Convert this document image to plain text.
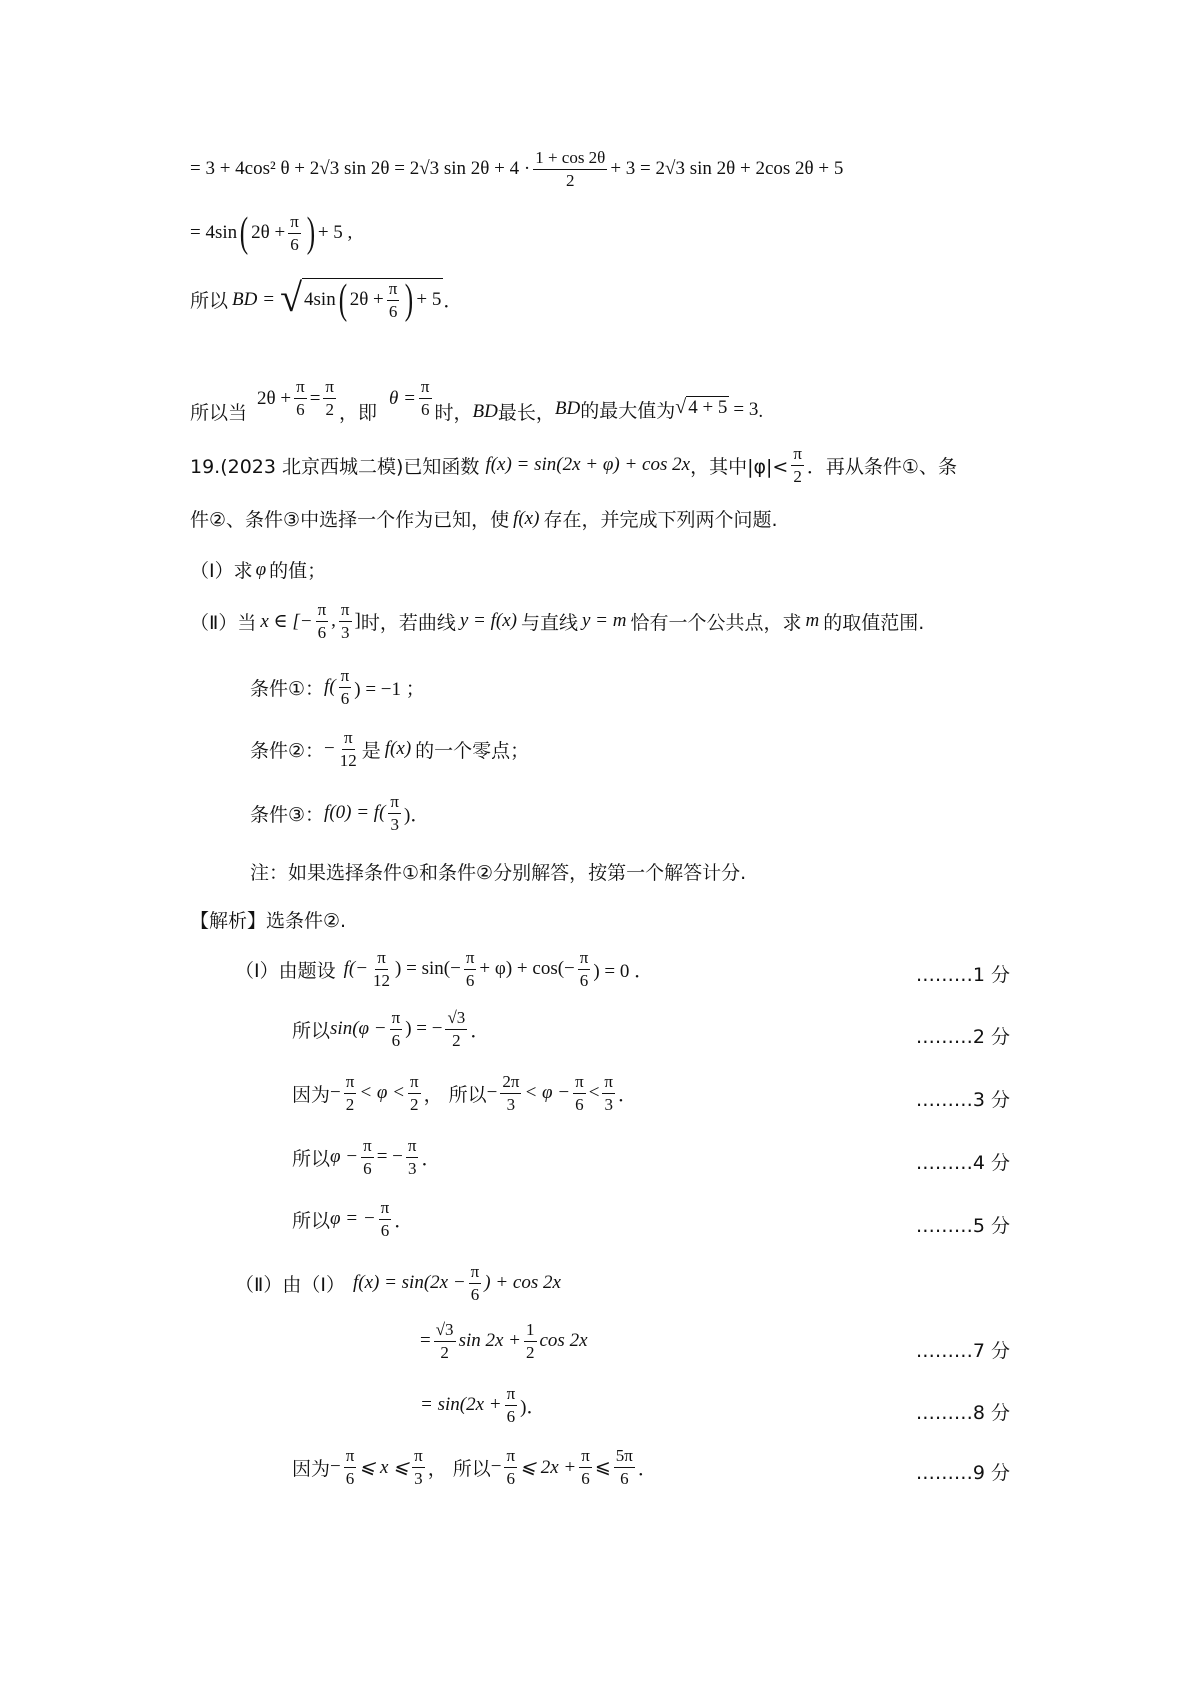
= 3 + 4cos² θ + 2√3 sin 2θ = 2√3 $\sin 2\theta + 4 \cdot \frac{1 + \cos 2\theta}{2} + 3 = 2√3$ sin 2θ + 2cos 2θ + 5
= 4sin ( $2\theta + \frac{\pi}{6}$ ) + 5 ,
所以 BD = √ 4sin ( $2\theta + \frac{\pi}{6}$ ) + 5 ．
所以当
$2\theta + \frac{\pi}{6} = \frac{\pi}{2}$ ，即
$\theta = \frac{\pi}{6}$ 时， BD 最长， BD 的最大值为 √ 4 + 5 = 3 .
19.(2023 北京西城二模)已知函数 f(x) = sin(2x + φ) + cos 2x ，其中$|\varphi|< \frac{\pi}{2}$ ．再从条件①、条
件②、条件③中选择一个作为已知，使 f(x) 存在，并完成下列两个问题.
（Ⅰ）求 φ 的值；
（Ⅱ）当 x ∈ [− $\frac{\pi}{6}$ , $\frac{\pi}{3}$ ] 时，若曲线 y = f(x) 与直线 y = m 恰有一个公共点，求 m 的取值范围.
条件①： $f( \frac{\pi}{6}$ ) = −1 ；
条件②： − $\frac{\pi}{12}$ 是 f(x) 的一个零点；
条件③： $f(0) = f( \frac{\pi}{3}$ )．
注：如果选择条件①和条件②分别解答，按第一个解答计分.
【解析】选条件②.
（Ⅰ）由题设 $f(- \frac{\pi}{12}$ ) = $\sin(- \frac{\pi}{6} + \varphi) + \cos(- \frac{\pi}{6}$ ) = 0 ．	………1 分
所以 $\sin(\varphi - \frac{\pi}{6}$ ) = − $\frac{√3}{2}$ ．	………2 分
因为 − $\frac{\pi}{2} < \varphi < \frac{\pi}{2}$ ， 所以 − $\frac{2\pi}{3} < \varphi - \frac{\pi}{6} < \frac{\pi}{3}$ ．	………3 分
所以 $\varphi - \frac{\pi}{6}$ = − $\frac{\pi}{3}$ ．	………4 分
所以 φ = − $\frac{\pi}{6}$ ．	………5 分
（Ⅱ）由（Ⅰ） $f(x) = \sin(2x - \frac{\pi}{6}$ ) + cos 2x
= $\frac{√3}{2}$ $\sin 2x + \frac{1}{2}$ cos 2x	………7 分
= $\sin(2x + \frac{\pi}{6}$ )．	………8 分
因为 − $\frac{\pi}{6}$ ⩽ x ⩽ $\frac{\pi}{3}$ ， 所以 − $\frac{\pi}{6}$ ⩽ $2x + \frac{\pi}{6}$ ⩽ $\frac{5\pi}{6}$ ．	………9 分
